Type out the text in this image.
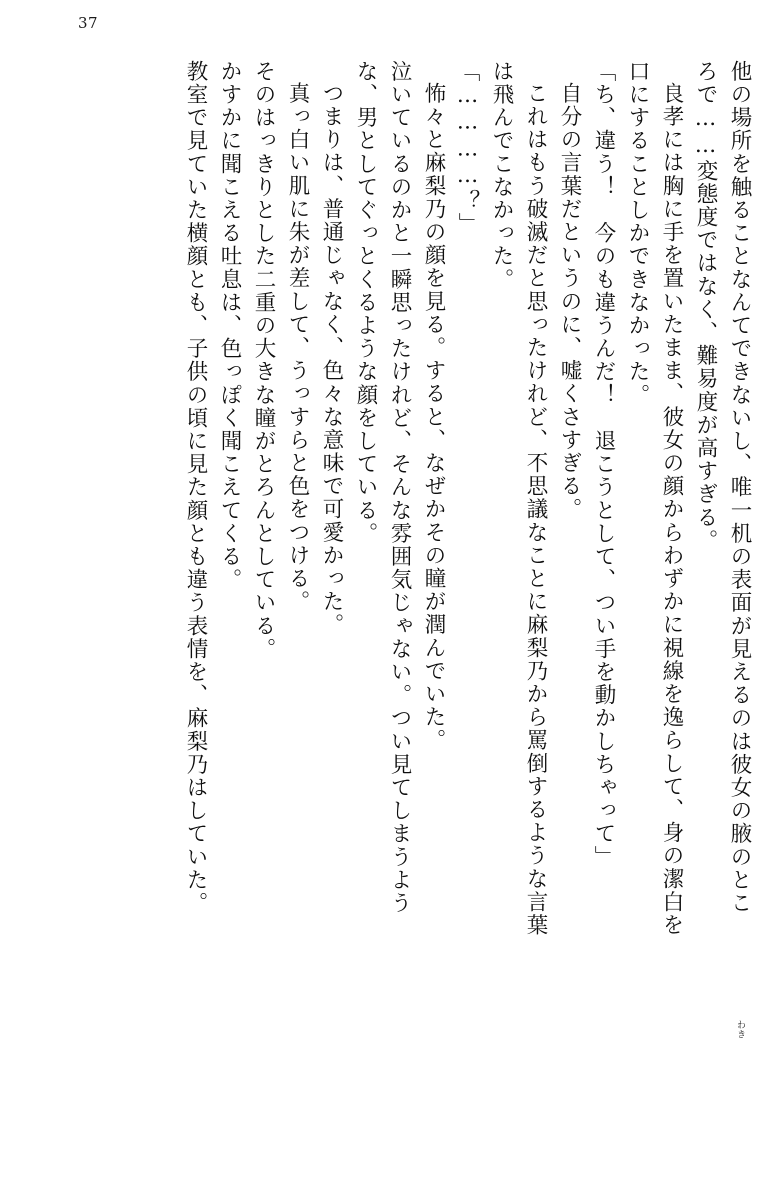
37
他の場所を触ることなんてできないし、唯一机の表面が見えるのは彼女の腋のとこ
ろで……変態度ではなく、難易度が高すぎる。
良孝には胸に手を置いたまま、彼女の顔からわずかに視線を逸らして、身の潔白を
口にすることしかできなかった。
「ち、違う！　今のも違うんだ！　退こうとして、つい手を動かしちゃって」
自分の言葉だというのに、嘘くさすぎる。
これはもう破滅だと思ったけれど、不思議なことに麻梨乃から罵倒するような言葉
は飛んでこなかった。
「…………？」
怖々と麻梨乃の顔を見る。すると、なぜかその瞳が潤んでいた。
泣いているのかと一瞬思ったけれど、そんな雰囲気じゃない。つい見てしまうよう
な、男としてぐっとくるような顔をしている。
つまりは、普通じゃなく、色々な意味で可愛かった。
真っ白い肌に朱が差して、うっすらと色をつける。
そのはっきりとした二重の大きな瞳がとろんとしている。
かすかに聞こえる吐息は、色っぽく聞こえてくる。
教室で見ていた横顔とも、子供の頃に見た顔とも違う表情を、麻梨乃はしていた。
わき
